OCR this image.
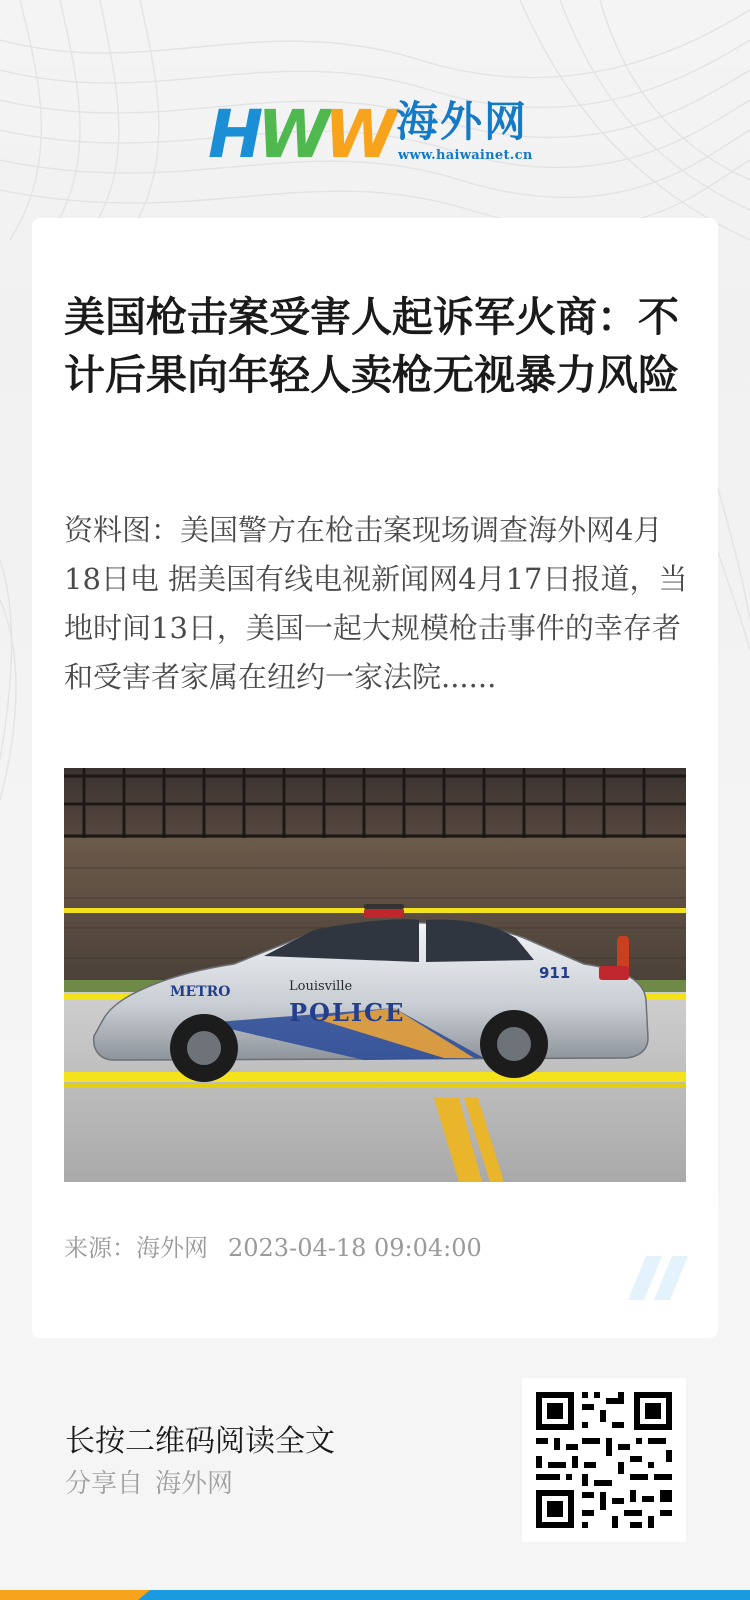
HWW 海外网
www.haiwainet.cn
美国枪击案受害人起诉军火商：不计后果向年轻人卖枪无视暴力风险

资料图：美国警方在枪击案现场调查海外网4月18日电 据美国有线电视新闻网4月17日报道，当地时间13日，美国一起大规模枪击事件的幸存者和受害者家属在纽约一家法院......

METRO	Louisville
POLICE
911
来源：海外网 2023-04-18 09:04:00
长按二维码阅读全文
分享自 海外网
